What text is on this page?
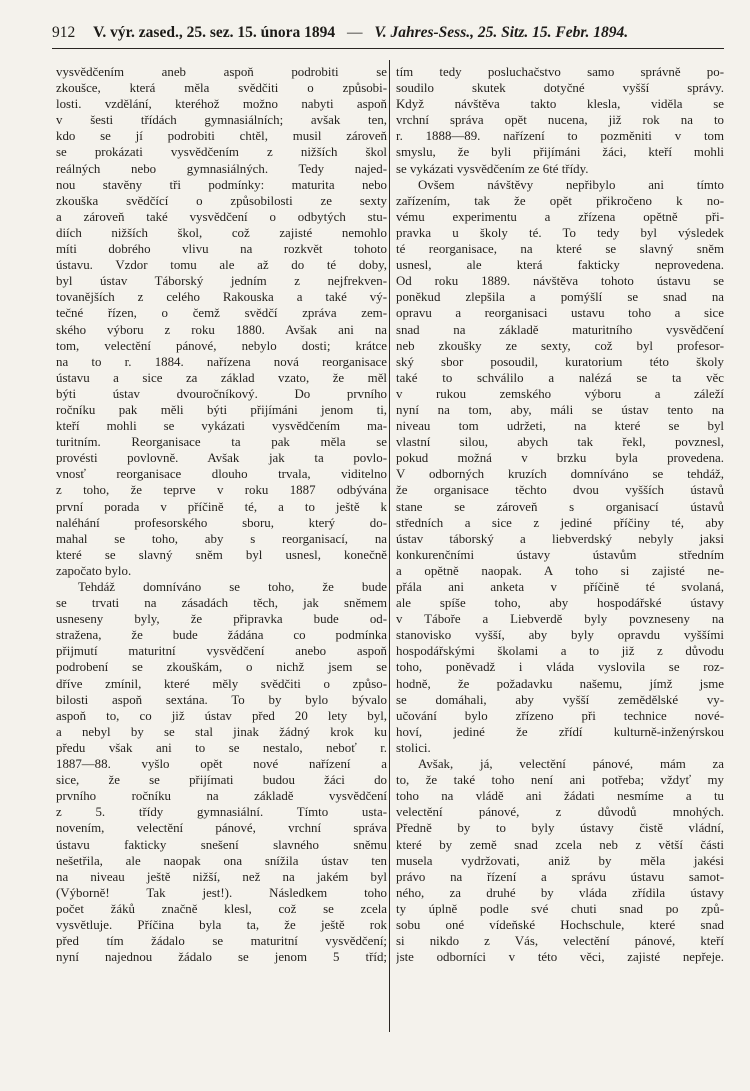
912 V. výr. zased., 25. sez. 15. února 1894 — V. Jahres-Sess., 25. Sitz. 15. Febr. 1894.
vysvědčením aneb aspoň podrobiti se
zkoušce, která měla svědčiti o způsobi-
losti. vzdělání, kteréhož možno nabyti aspoň
v šesti třídách gymnasiálních; avšak ten,
kdo se jí podrobiti chtěl, musil zároveň
se prokázati vysvědčením z nižších škol
reálných nebo gymnasiálných. Tedy najed-
nou stavěny tři podmínky: maturita nebo
zkouška svědčící o způsobilosti ze sexty
a zároveň také vysvědčení o odbytých stu-
diích nižších škol, což zajisté nemohlo
míti dobrého vlivu na rozkvět tohoto
ústavu. Vzdor tomu ale až do té doby,
byl ústav Táborský jedním z nejfrekven-
tovanějších z celého Rakouska a také vý-
tečné řízen, o čemž svědčí zpráva zem-
ského výboru z roku 1880. Avšak ani na
tom, velectění pánové, nebylo dosti; krátce
na to r. 1884. nařízena nová reorganisace
ústavu a sice za základ vzato, že měl
býti ústav dvouročníkový. Do prvního
ročníku pak měli býti přijímáni jenom ti,
kteří mohli se vykázati vysvědčením ma-
turitním. Reorganisace ta pak měla se
provésti povlovně. Avšak jak ta povlo-
vnosť reorganisace dlouho trvala, viditelno
z toho, že teprve v roku 1887 odbývána
první porada v příčině té, a to ještě k
naléhání profesorského sboru, který do-
mahal se toho, aby s reorganisací, na
které se slavný sněm byl usnesl, konečně
započato bylo.
Tehdáž domníváno se toho, že bude
se trvati na zásadách těch, jak sněmem
usneseny byly, že připravka bude od-
stražena, že bude žádána co podmínka
přijmutí maturitní vysvědčení anebo aspoň
podrobení se zkouškám, o nichž jsem se
dříve zmínil, které měly svědčiti o způso-
bilosti aspoň sextána. To by bylo bývalo
aspoň to, co již ústav před 20 lety byl,
a nebyl by se stal jinak žádný krok ku
předu však ani to se nestalo, neboť r.
1887—88. vyšlo opět nové nařízení a
sice, že se přijímati budou žáci do
prvního ročníku na základě vysvědčení
z 5. třídy gymnasiální. Tímto usta-
novením, velectění pánové, vrchní správa
ústavu fakticky snešení slavného sněmu
nešetřila, ale naopak ona snížila ústav ten
na niveau ještě nižší, než na jakém byl
(Výborně! Tak jest!). Následkem toho
počet žáků značně klesl, což se zcela
vysvětluje. Příčina byla ta, že ještě rok
před tím žádalo se maturitní vysvědčení;
nyní najednou žádalo se jenom 5 tříd;
tím tedy posluchačstvo samo správně po-
soudilo skutek dotyčné vyšší správy.
Když návštěva takto klesla, viděla se
vrchní správa opět nucena, již rok na to
r. 1888—89. nařízení to pozměniti v tom
smyslu, že byli přijímáni žáci, kteří mohli
se vykázati vysvědčením ze 6té třídy.
Ovšem návštěvy nepřibylo ani tímto
zařízením, tak že opět přikročeno k no-
vému experimentu a zřízena opětně při-
pravka u školy té. To tedy byl výsledek
té reorganisace, na které se slavný sněm
usnesl, ale která fakticky neprovedena.
Od roku 1889. návštěva tohoto ústavu se
poněkud zlepšila a pomýšlí se snad na
opravu a reorganisaci ustavu toho a sice
snad na základě maturitního vysvědčení
neb zkoušky ze sexty, což byl profesor-
ský sbor posoudil, kuratorium této školy
také to schválilo a nalézá se ta věc
v rukou zemského výboru a záleží
nyní na tom, aby, máli se ústav tento na
niveau tom udržeti, na které se byl
vlastní silou, abych tak řekl, povznesl,
pokud možná v brzku byla provedena.
V odborných kruzích domníváno se tehdáž,
že organisace těchto dvou vyšších ústavů
stane se zároveň s organisací ústavů
středních a sice z jediné příčiny té, aby
ústav táborský a liebverdský nebyly jaksi
konkurenčními ústavy ústavům středním
a opětně naopak. A toho si zajisté ne-
přála ani anketa v příčině té svolaná,
ale spíše toho, aby hospodářské ústavy
v Táboře a Liebverdě byly povzneseny na
stanovisko vyšší, aby byly opravdu vyššími
hospodářskými školami a to již z důvodu
toho, poněvadž i vláda vyslovila se roz-
hodně, že požadavku našemu, jímž jsme
se domáhali, aby vyšší zemědělské vy-
učování bylo zřízeno při technice nové-
hoví, jediné že zřídí kulturně-inženýrskou
stolici.
Avšak, já, velectění pánové, mám za
to, že také toho není ani potřeba; vždyť my
toho na vládě ani žádati nesmíme a tu
velectění pánové, z důvodů mnohých.
Předně by to byly ústavy čistě vládní,
které by země snad zcela neb z větší části
musela vydržovati, aniž by měla jakési
právo na řízení a správu ústavu samot-
ného, za druhé by vláda zřídila ústavy
ty úplně podle své chuti snad po způ-
sobu oné vídeňské Hochschule, které snad
si nikdo z Vás, velectění pánové, kteří
jste odborníci v této věci, zajisté nepřeje.
